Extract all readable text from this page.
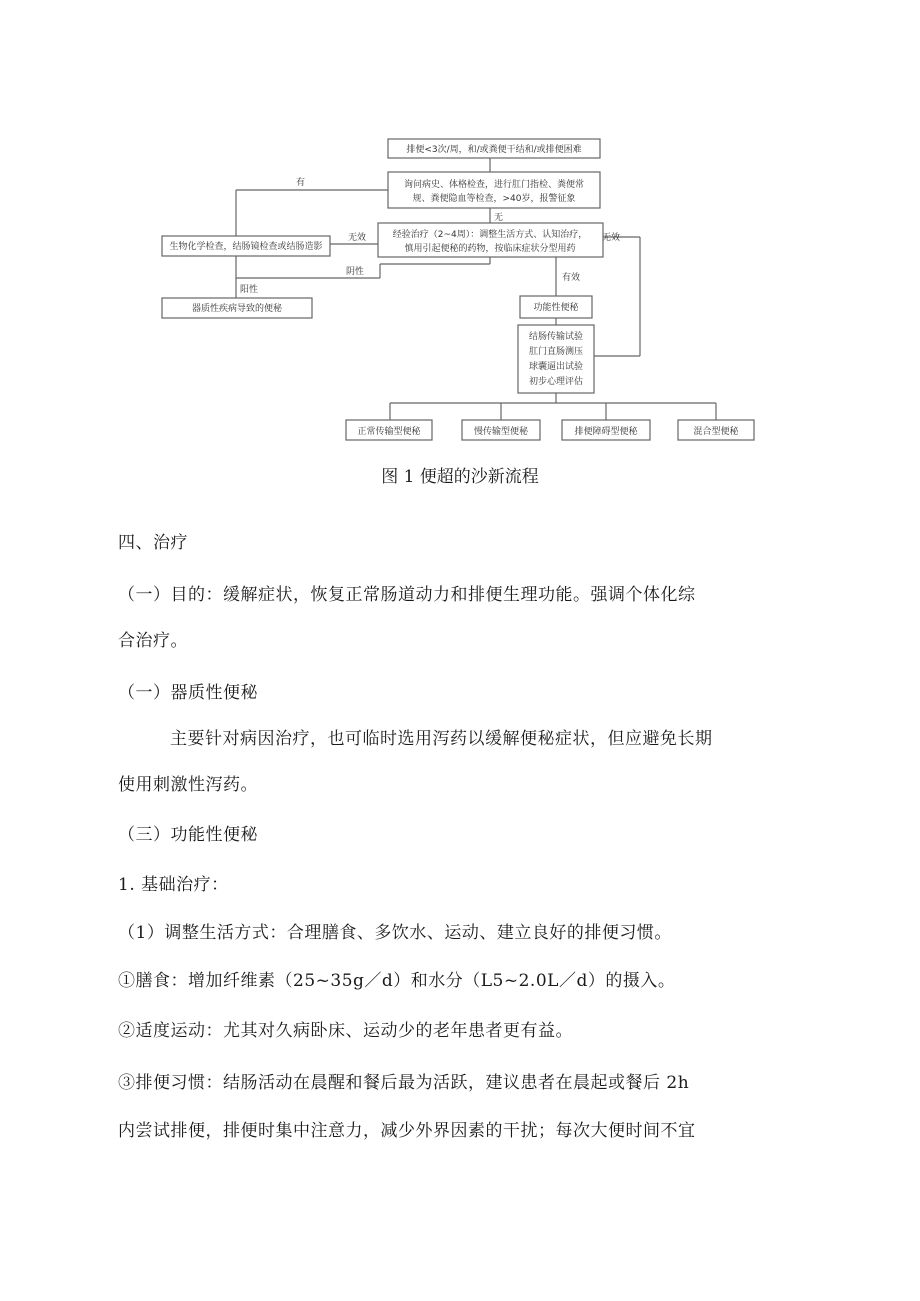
排便<3次/周，和/或粪便干结和/或排便困难
询问病史、体格检查，进行肛门指检、粪便常
规、粪便隐血等检查，>40岁，报警征象
经验治疗（2~4周）：调整生活方式、认知治疗，
慎用引起便秘的药物，按临床症状分型用药
生物化学检查，结肠镜检查或结肠造影
器质性疾病导致的便秘	功能性便秘
结肠传输试验
肛门直肠测压
球囊逼出试验
初步心理评估
正常传输型便秘	慢传输型便秘	排便障碍型便秘	混合型便秘
有
无
无效	无效
有效
阴性
阳性
图 1 便超的沙新流程
四、治疗
（一）目的：缓解症状，恢复正常肠道动力和排便生理功能。强调个体化综
合治疗。
（一）器质性便秘
主要针对病因治疗，也可临时选用泻药以缓解便秘症状，但应避免长期
使用刺激性泻药。
（三）功能性便秘
1. 基础治疗：
（1）调整生活方式：合理膳食、多饮水、运动、建立良好的排便习惯。
①膳食：增加纤维素（25~35g／d）和水分（L5~2.0L／d）的摄入。
②适度运动：尤其对久病卧床、运动少的老年患者更有益。
③排便习惯：结肠活动在晨醒和餐后最为活跃，建议患者在晨起或餐后 2h
内尝试排便，排便时集中注意力，减少外界因素的干扰；每次大便时间不宜
